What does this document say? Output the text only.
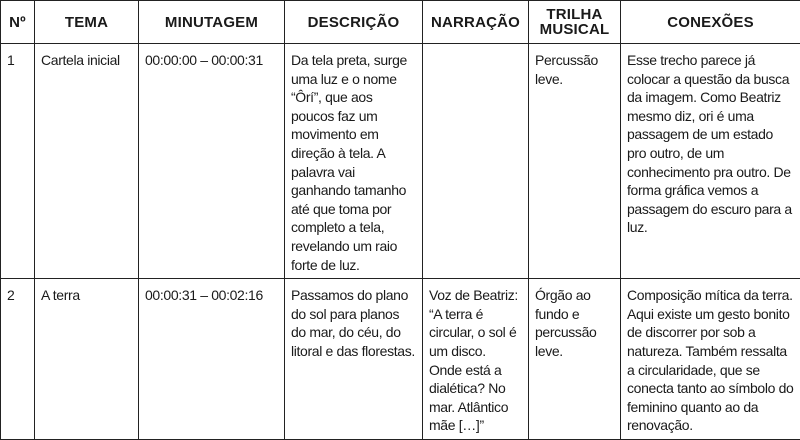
Nº	TEMA	MINUTAGEM	DESCRIÇÃO	NARRAÇÃO	TRILHA MUSICAL	CONEXÕES
1	Cartela inicial	00:00:00 – 00:00:31	Da tela preta, surge uma luz e o nome “Ôrí”, que aos poucos faz um movimento em direção à tela. A palavra vai ganhando tamanho até que toma por completo a tela, revelando um raio forte de luz.		Percussão leve.	Esse trecho parece já colocar a questão da busca da imagem. Como Beatriz mesmo diz, ori é uma passagem de um estado pro outro, de um conhecimento pra outro. De forma gráfica vemos a passagem do escuro para a luz.
2	A terra	00:00:31 – 00:02:16	Passamos do plano do sol para planos do mar, do céu, do litoral e das florestas.	Voz de Beatriz: “A terra é circular, o sol é um disco. Onde está a dialética? No mar. Atlântico mãe […]”	Órgão ao fundo e percussão leve.	Composição mítica da terra. Aqui existe um gesto bonito de discorrer por sob a natureza. Também ressalta a circularidade, que se conecta tanto ao símbolo do feminino quanto ao da renovação.
